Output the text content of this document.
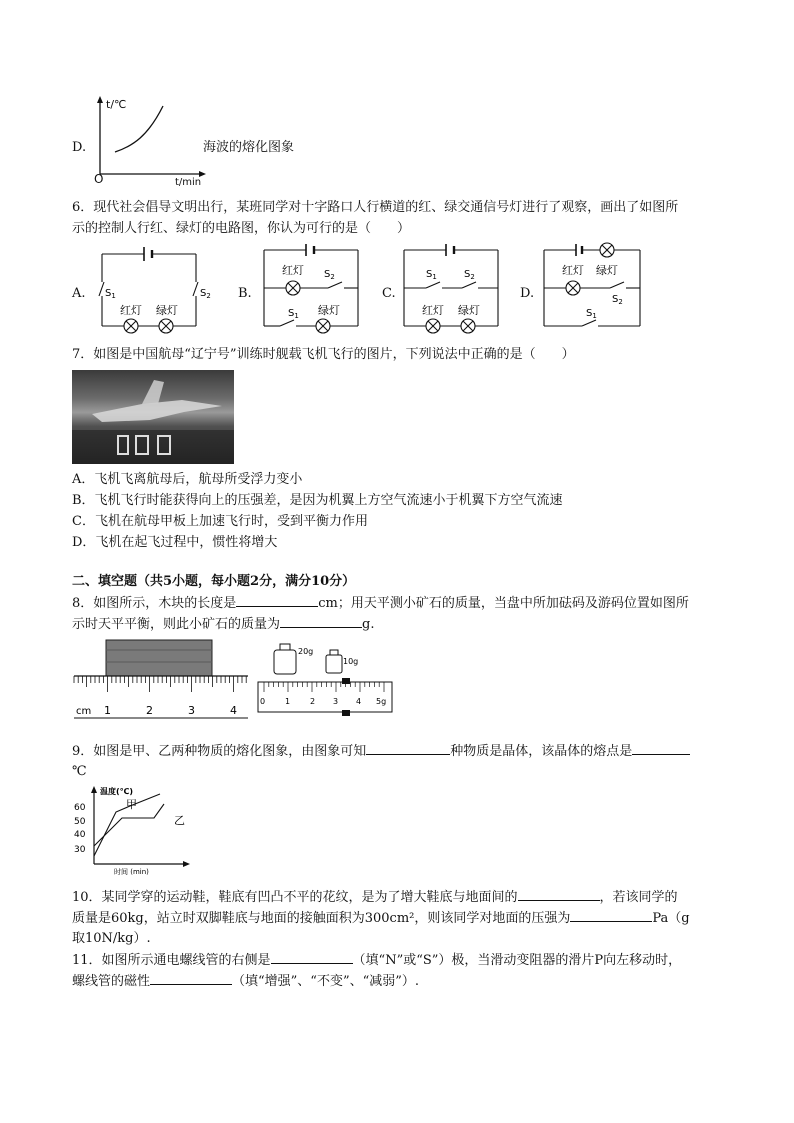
D.
t/℃
O	t/min
海波的熔化图象
6．现代社会倡导文明出行，某班同学对十字路口人行横道的红、绿交通信号灯进行了观察，画出了如图所
示的控制人行红、绿灯的电路图，你认为可行的是（　　）
A. $S_1$	$S_2$
红灯 绿灯
B.
红灯 $S_2$
$S_1$ 绿灯
C.
$S_1$	$S_2$
红灯 绿灯
D.
红灯 绿灯
$S_2$
$S_1$
7．如图是中国航母“辽宁号”训练时舰载飞机飞行的图片，下列说法中正确的是（　　）
A．飞机飞离航母后，航母所受浮力变小
B．飞机飞行时能获得向上的压强差，是因为机翼上方空气流速小于机翼下方空气流速
C．飞机在航母甲板上加速飞行时，受到平衡力作用
D．飞机在起飞过程中，惯性将增大
二、填空题（共5小题，每小题2分，满分10分）
8．如图所示，木块的长度是	cm；用天平测小矿石的质量，当盘中所加砝码及游码位置如图所
示时天平平衡，则此小矿石的质量为	g.
cm 1	2	3	4
20g
10g
0 1 2 3 4 5g
9．如图是甲、乙两种物质的熔化图象，由图象可知	种物质是晶体，该晶体的熔点是
℃
温度(℃)
60
50
40
30
甲
乙
时间 (min)
10．某同学穿的运动鞋，鞋底有凹凸不平的花纹，是为了增大鞋底与地面间的	，若该同学的
质量是60kg，站立时双脚鞋底与地面的接触面积为300cm²，则该同学对地面的压强为	Pa（g
取10N/kg）.
11．如图所示通电螺线管的右侧是	（填“N”或“S”）极，当滑动变阻器的滑片P向左移动时，
螺线管的磁性	（填“增强”、“不变”、“减弱”）.
